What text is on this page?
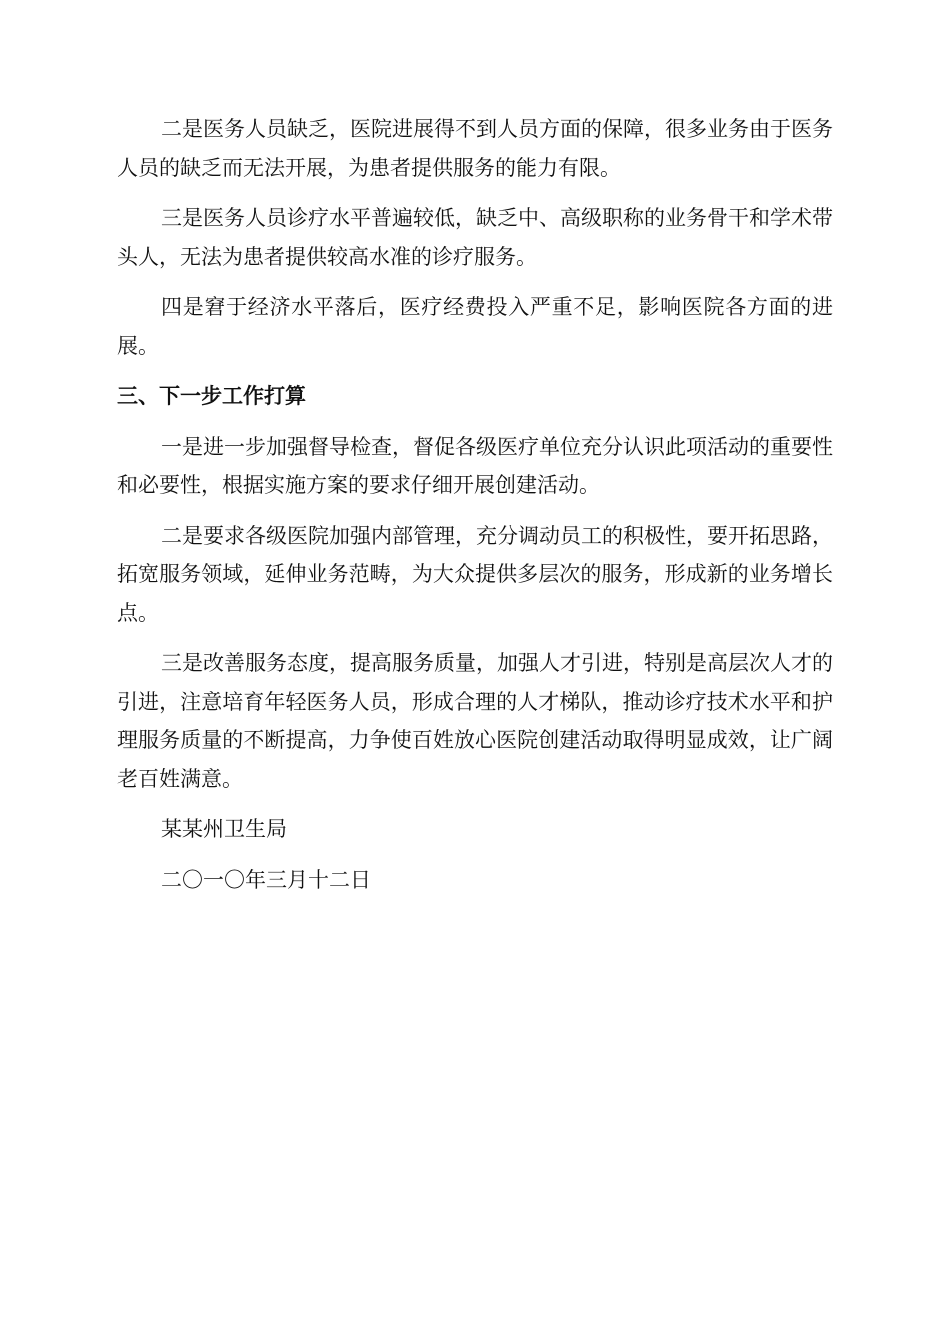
二是医务人员缺乏，医院进展得不到人员方面的保障，很多业务由于医务人员的缺乏而无法开展，为患者提供服务的能力有限。

三是医务人员诊疗水平普遍较低，缺乏中、高级职称的业务骨干和学术带头人，无法为患者提供较高水准的诊疗服务。

四是窘于经济水平落后，医疗经费投入严重不足，影响医院各方面的进展。

三、下一步工作打算

一是进一步加强督导检查，督促各级医疗单位充分认识此项活动的重要性和必要性，根据实施方案的要求仔细开展创建活动。

二是要求各级医院加强内部管理，充分调动员工的积极性，要开拓思路，拓宽服务领域，延伸业务范畴，为大众提供多层次的服务，形成新的业务增长点。

三是改善服务态度，提高服务质量，加强人才引进，特别是高层次人才的引进，注意培育年轻医务人员，形成合理的人才梯队，推动诊疗技术水平和护理服务质量的不断提高，力争使百姓放心医院创建活动取得明显成效，让广阔老百姓满意。

某某州卫生局

二〇一〇年三月十二日
